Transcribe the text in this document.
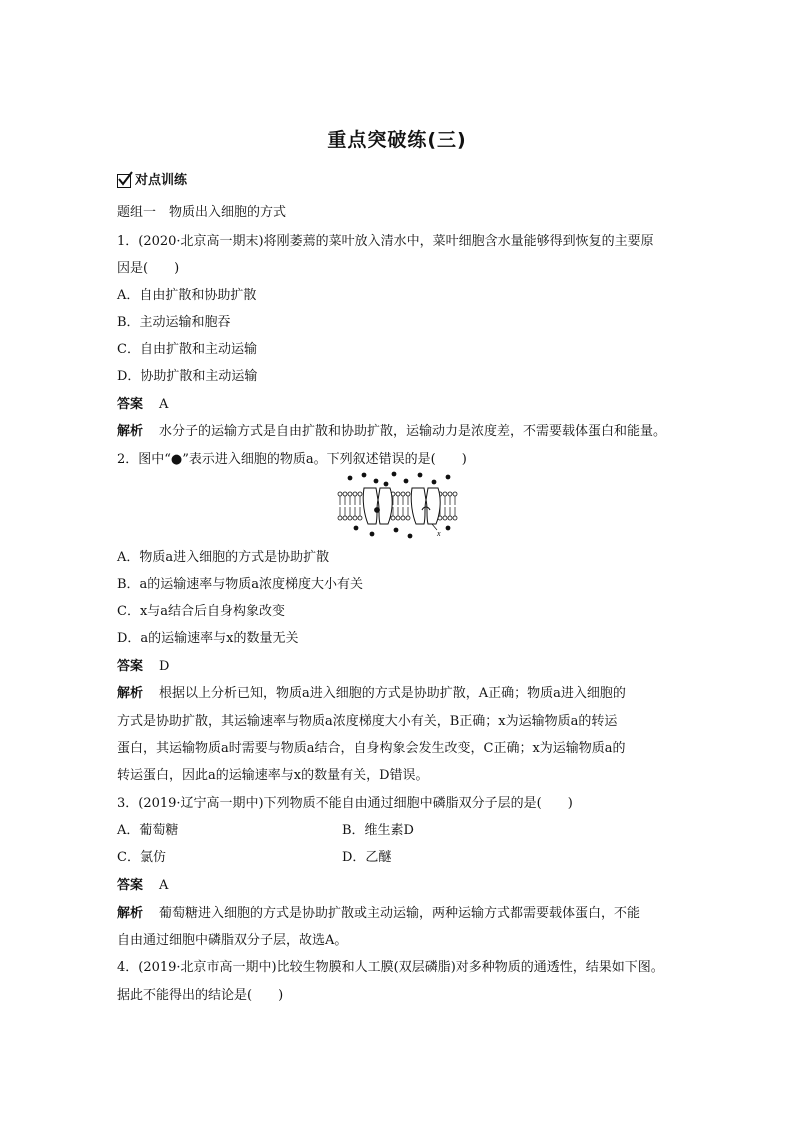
重点突破练(三)
对点训练
题组一　物质出入细胞的方式
1．(2020·北京高一期末)将刚萎蔫的菜叶放入清水中，菜叶细胞含水量能够得到恢复的主要原
因是(　　)
A．自由扩散和协助扩散
B．主动运输和胞吞
C．自由扩散和主动运输
D．协助扩散和主动运输
答案 A
解析 水分子的运输方式是自由扩散和协助扩散，运输动力是浓度差，不需要载体蛋白和能量。
2．图中“●”表示进入细胞的物质a。下列叙述错误的是(　　)
x
A．物质a进入细胞的方式是协助扩散
B．a的运输速率与物质a浓度梯度大小有关
C．x与a结合后自身构象改变
D．a的运输速率与x的数量无关
答案 D
解析 根据以上分析已知，物质a进入细胞的方式是协助扩散，A正确；物质a进入细胞的
方式是协助扩散，其运输速率与物质a浓度梯度大小有关，B正确；x为运输物质a的转运
蛋白，其运输物质a时需要与物质a结合，自身构象会发生改变，C正确；x为运输物质a的
转运蛋白，因此a的运输速率与x的数量有关，D错误。
3．(2019·辽宁高一期中)下列物质不能自由通过细胞中磷脂双分子层的是(　　)
A．葡萄糖	B．维生素D
C．氯仿	D．乙醚
答案 A
解析 葡萄糖进入细胞的方式是协助扩散或主动运输，两种运输方式都需要载体蛋白，不能
自由通过细胞中磷脂双分子层，故选A。
4．(2019·北京市高一期中)比较生物膜和人工膜(双层磷脂)对多种物质的通透性，结果如下图。
据此不能得出的结论是(　　)
